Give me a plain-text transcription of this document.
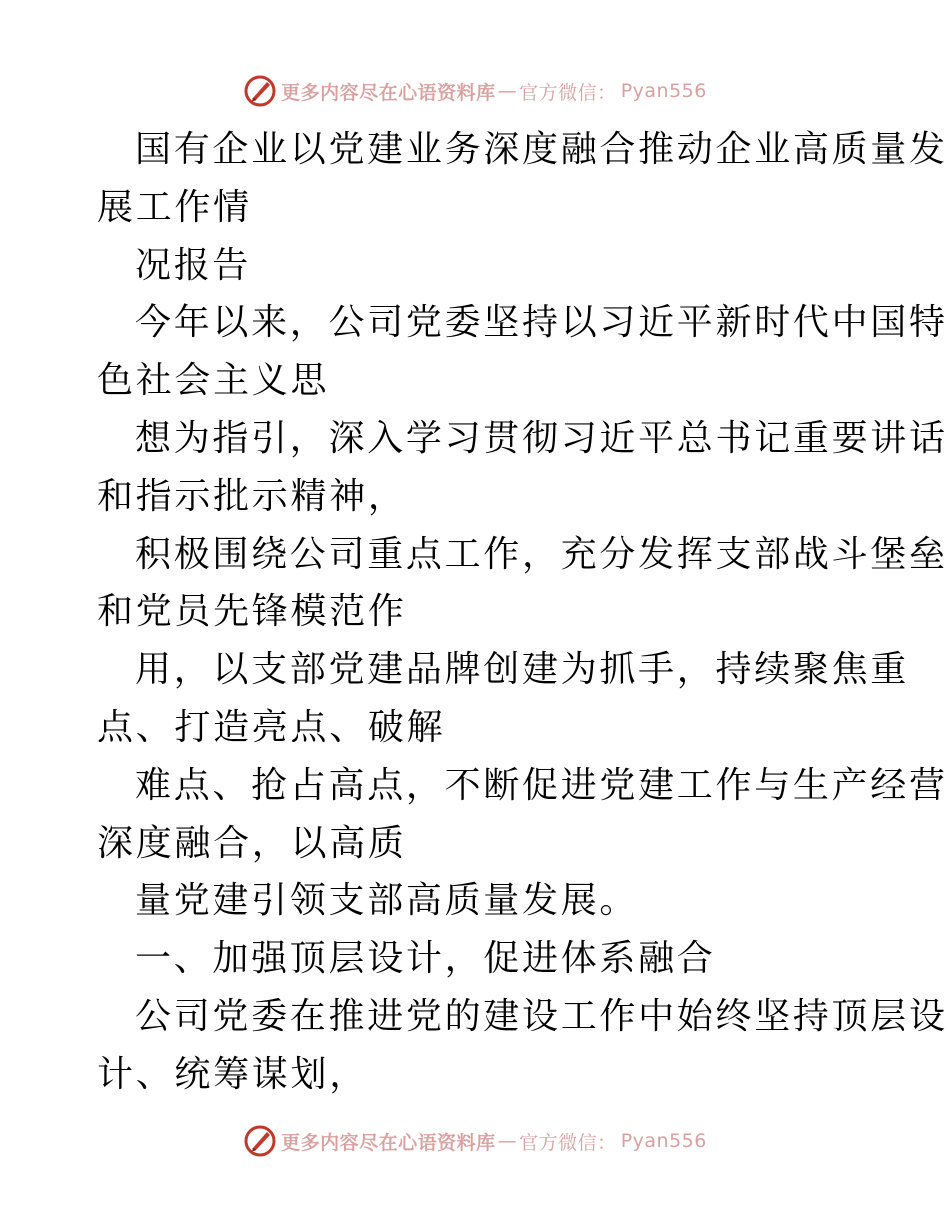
更多内容尽在心语资料库 — 官方微信： Pyan556

国有企业以党建业务深度融合推动企业高质量发

展工作情

况报告

今年以来，公司党委坚持以习近平新时代中国特

色社会主义思

想为指引，深入学习贯彻习近平总书记重要讲话

和指示批示精神，

积极围绕公司重点工作，充分发挥支部战斗堡垒

和党员先锋模范作

用，以支部党建品牌创建为抓手，持续聚焦重

点、打造亮点、破解

难点、抢占高点，不断促进党建工作与生产经营

深度融合，以高质

量党建引领支部高质量发展。

一、加强顶层设计，促进体系融合

公司党委在推进党的建设工作中始终坚持顶层设

计、统筹谋划，

更多内容尽在心语资料库 — 官方微信： Pyan556
